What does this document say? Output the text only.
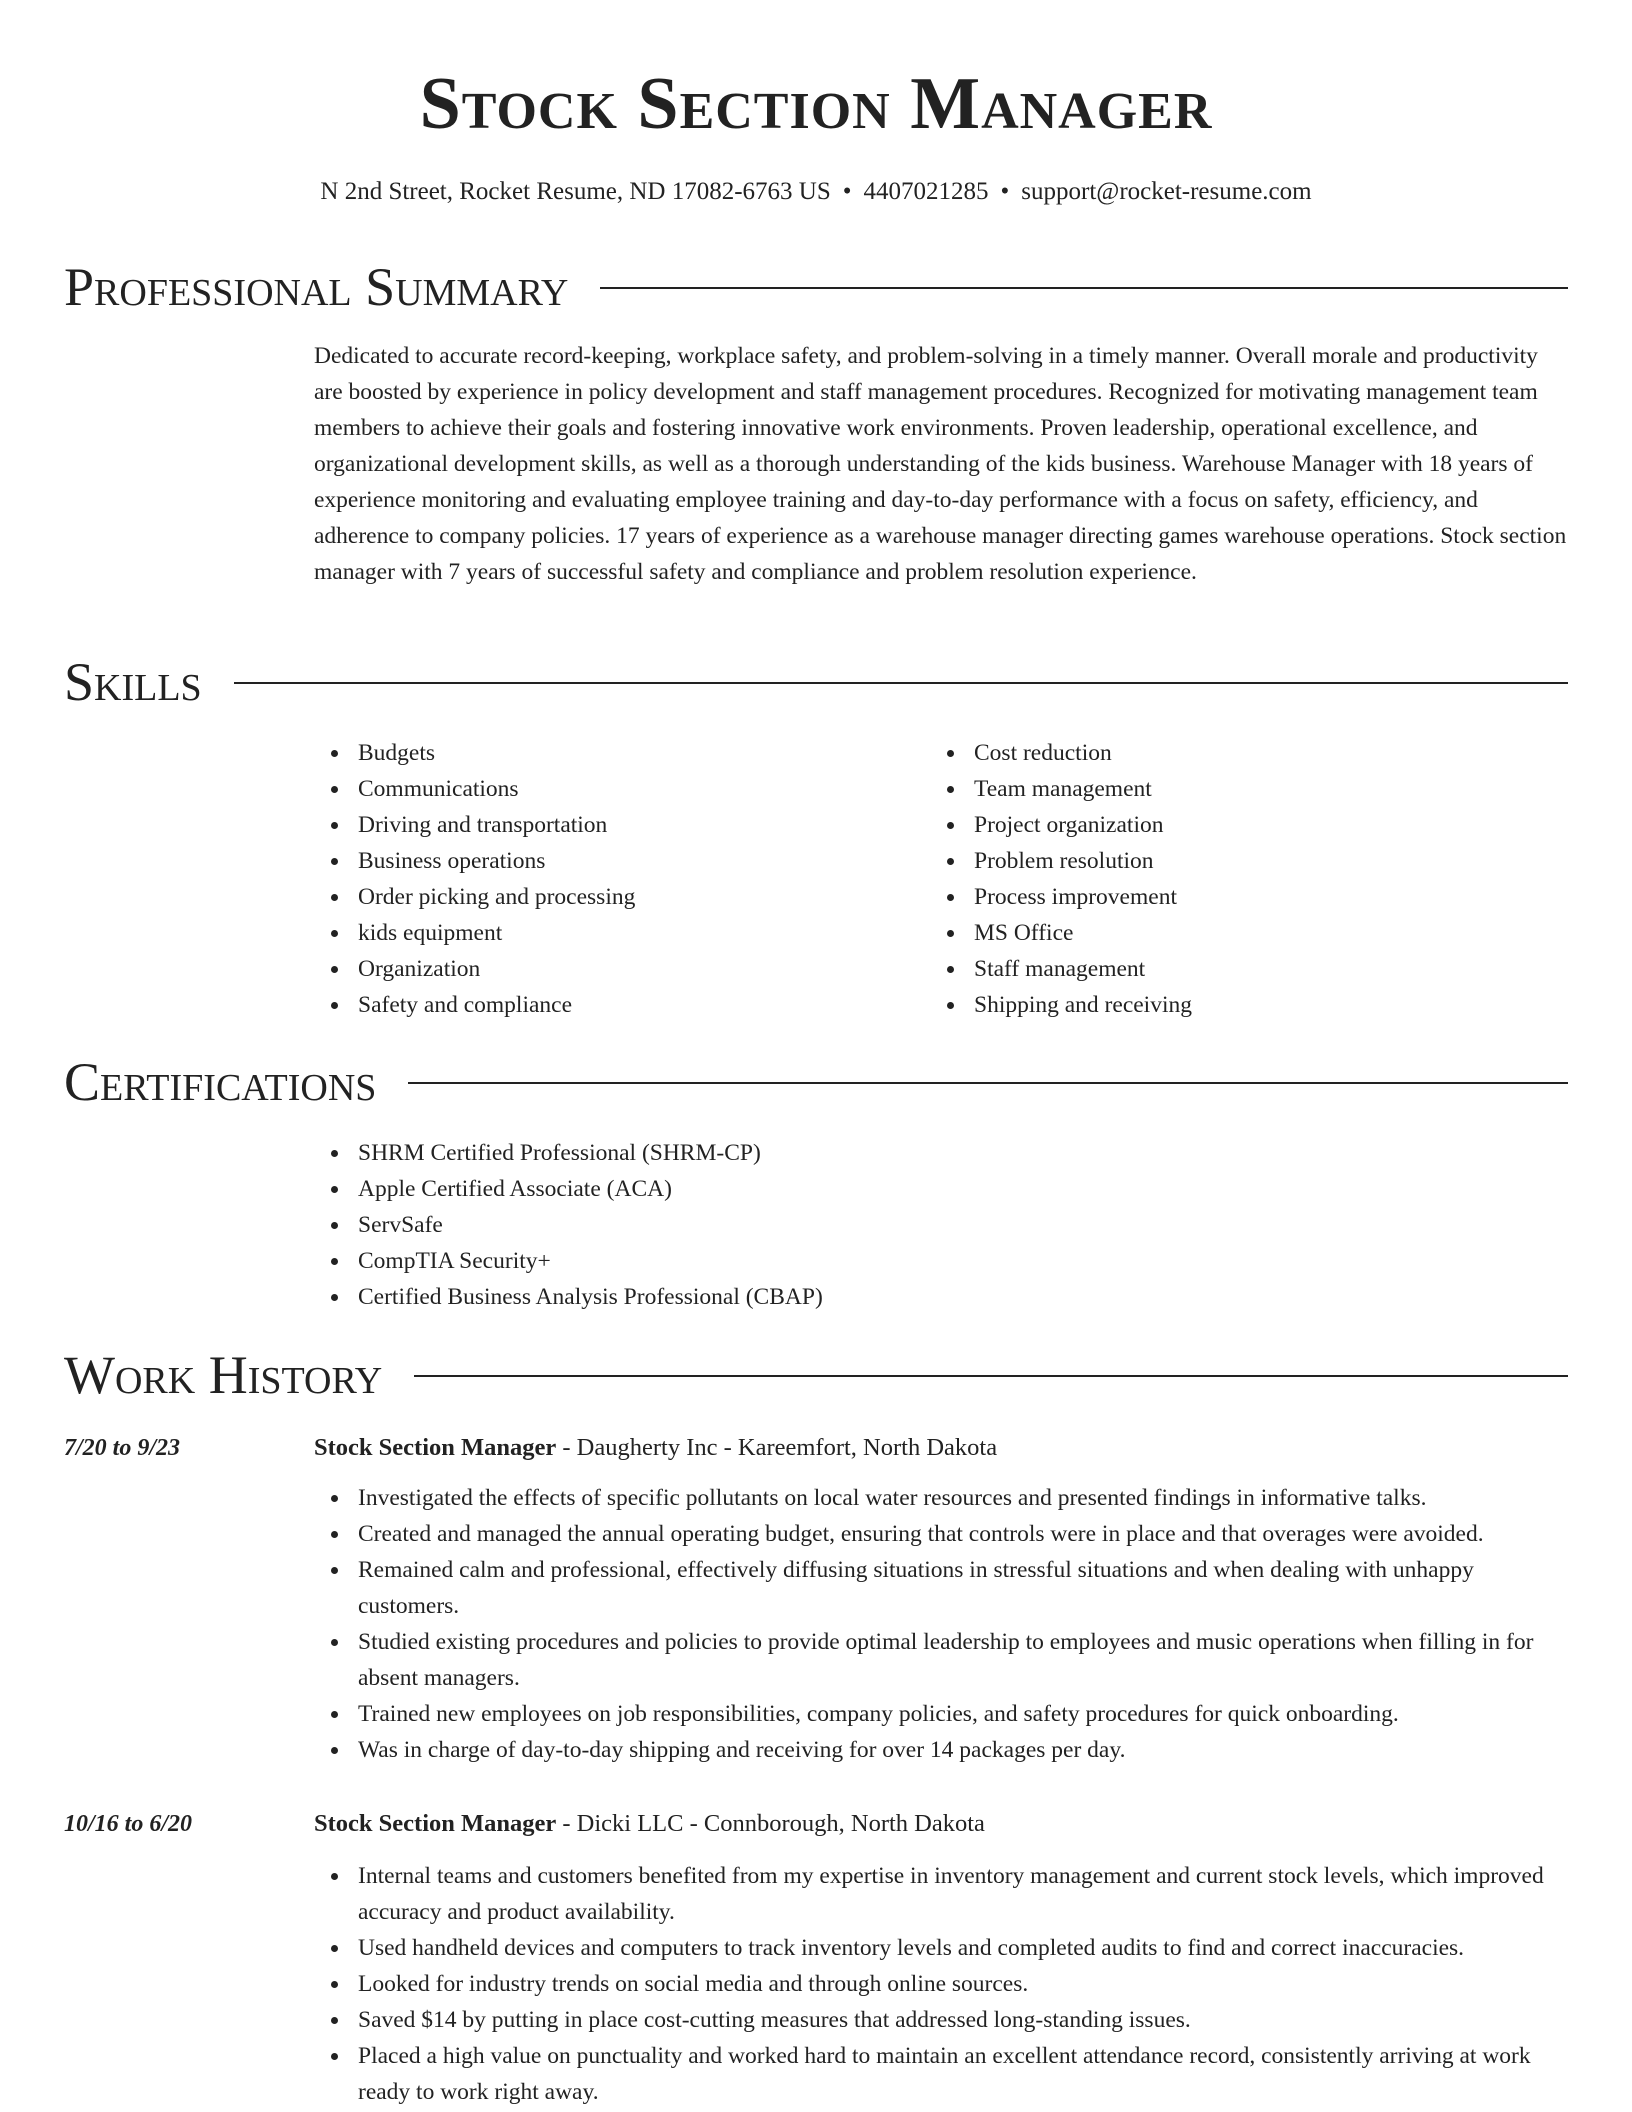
Stock Section Manager
N 2nd Street, Rocket Resume, ND 17082-6763 US • 4407021285 • support@rocket-resume.com
Professional Summary

Dedicated to accurate record-keeping, workplace safety, and problem-solving in a timely manner. Overall morale and productivity are boosted by experience in policy development and staff management procedures. Recognized for motivating management team members to achieve their goals and fostering innovative work environments. Proven leadership, operational excellence, and organizational development skills, as well as a thorough understanding of the kids business. Warehouse Manager with 18 years of experience monitoring and evaluating employee training and day-to-day performance with a focus on safety, efficiency, and adherence to company policies. 17 years of experience as a warehouse manager directing games warehouse operations. Stock section manager with 7 years of successful safety and compliance and problem resolution experience.

Skills
Budgets
Communications
Driving and transportation
Business operations
Order picking and processing
kids equipment
Organization
Safety and compliance
Cost reduction
Team management
Project organization
Problem resolution
Process improvement
MS Office
Staff management
Shipping and receiving
Certifications
SHRM Certified Professional (SHRM-CP)
Apple Certified Associate (ACA)
ServSafe
CompTIA Security+
Certified Business Analysis Professional (CBAP)
Work History
7/20 to 9/23	Stock Section Manager - Daugherty Inc - Kareemfort, North Dakota
Investigated the effects of specific pollutants on local water resources and presented findings in informative talks.
Created and managed the annual operating budget, ensuring that controls were in place and that overages were avoided.
Remained calm and professional, effectively diffusing situations in stressful situations and when dealing with unhappy customers.
Studied existing procedures and policies to provide optimal leadership to employees and music operations when filling in for absent managers.
Trained new employees on job responsibilities, company policies, and safety procedures for quick onboarding.
Was in charge of day-to-day shipping and receiving for over 14 packages per day.
10/16 to 6/20	Stock Section Manager - Dicki LLC - Connborough, North Dakota
Internal teams and customers benefited from my expertise in inventory management and current stock levels, which improved accuracy and product availability.
Used handheld devices and computers to track inventory levels and completed audits to find and correct inaccuracies.
Looked for industry trends on social media and through online sources.
Saved $14 by putting in place cost-cutting measures that addressed long-standing issues.
Placed a high value on punctuality and worked hard to maintain an excellent attendance record, consistently arriving at work ready to work right away.
